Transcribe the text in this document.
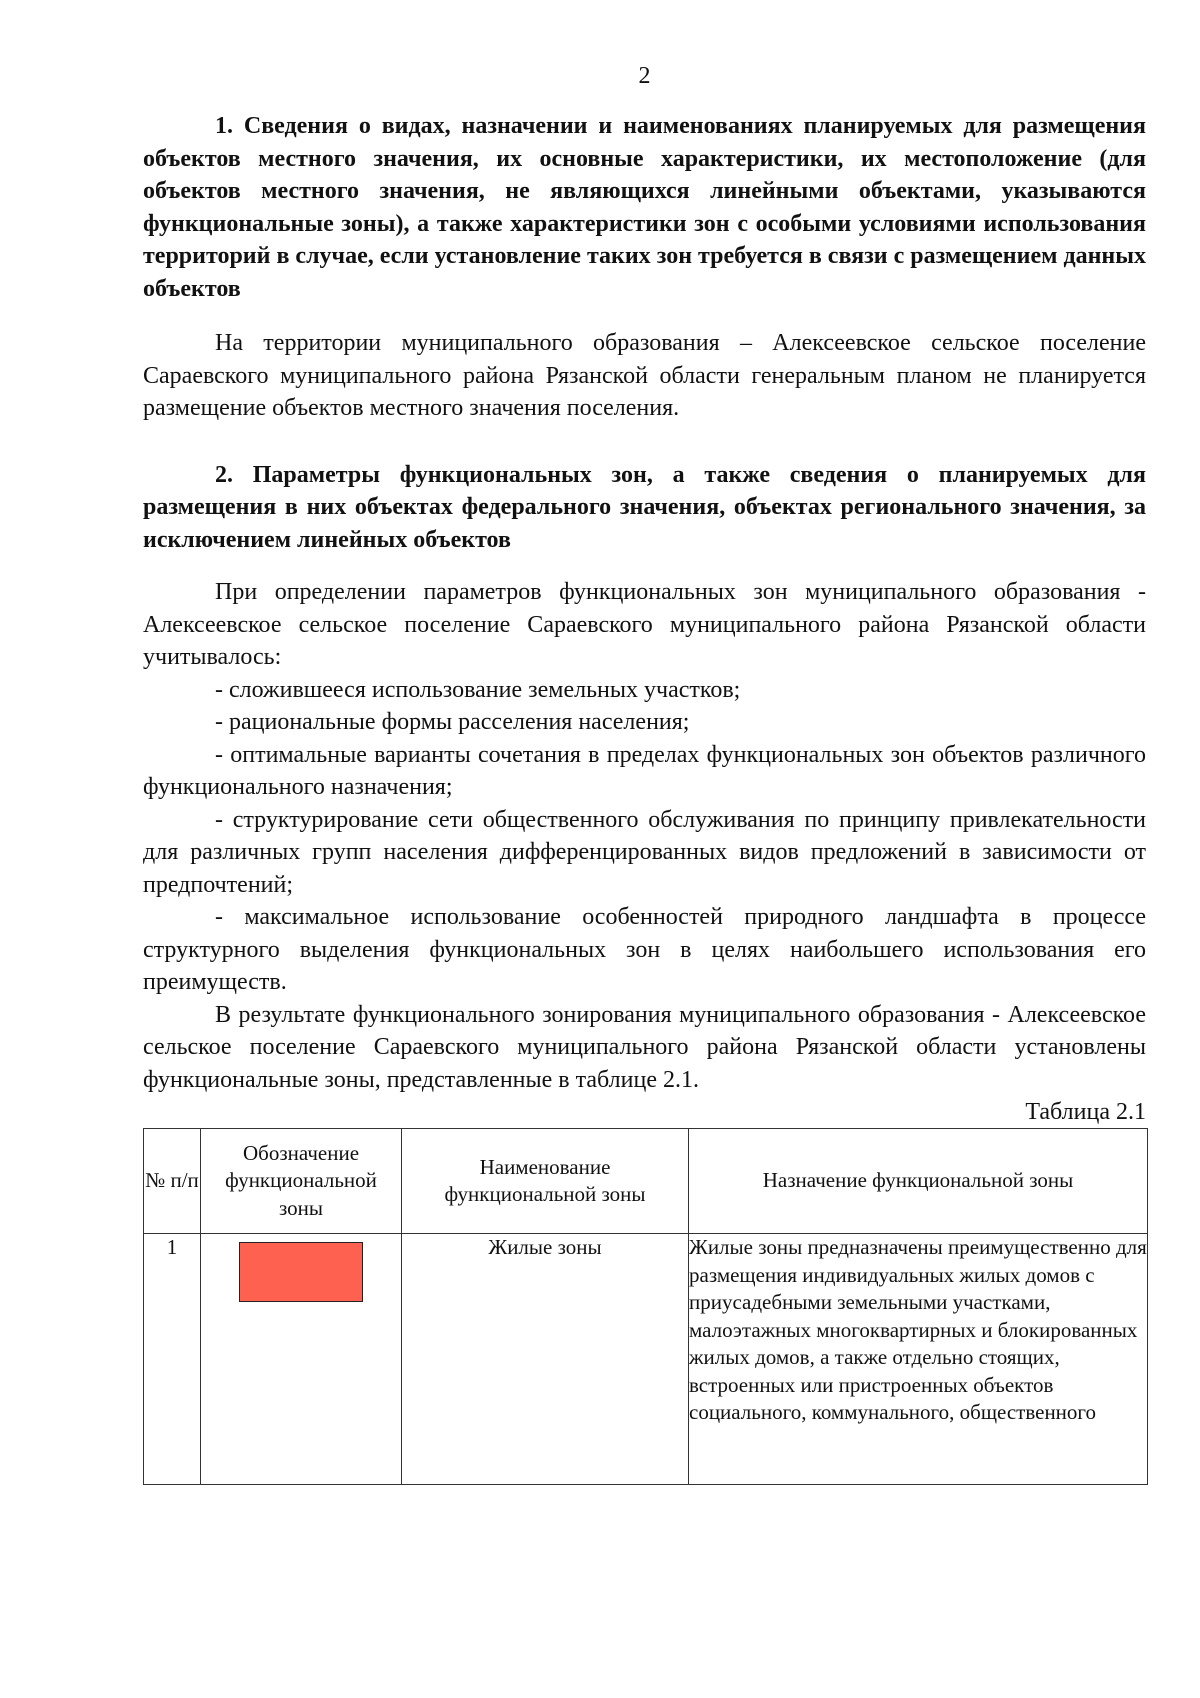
2

1. Сведения о видах, назначении и наименованиях планируемых для размещения объектов местного значения, их основные характеристики, их местоположение (для объектов местного значения, не являющихся линейными объектами, указываются функциональные зоны), а также характеристики зон с особыми условиями использования территорий в случае, если установление таких зон требуется в связи с размещением данных объектов

На территории муниципального образования – Алексеевское сельское поселение Сараевского муниципального района Рязанской области генеральным планом не планируется размещение объектов местного значения поселения.

2. Параметры функциональных зон, а также сведения о планируемых для размещения в них объектах федерального значения, объектах регионального значения, за исключением линейных объектов

При определении параметров функциональных зон муниципального образования - Алексеевское сельское поселение Сараевского муниципального района Рязанской области учитывалось:

- сложившееся использование земельных участков;

- рациональные формы расселения населения;

- оптимальные варианты сочетания в пределах функциональных зон объектов различного функционального назначения;

- структурирование сети общественного обслуживания по принципу привлекательности для различных групп населения дифференцированных видов предложений в зависимости от предпочтений;

- максимальное использование особенностей природного ландшафта в процессе структурного выделения функциональных зон в целях наибольшего использования его преимуществ.

В результате функционального зонирования муниципального образования - Алексеевское сельское поселение Сараевского муниципального района Рязанской области установлены функциональные зоны, представленные в таблице 2.1.

Таблица 2.1

№ п/п	Обозначение функциональной зоны	Наименование функциональной зоны	Назначение функциональной зоны
1		Жилые зоны	Жилые зоны предназначены преимущественно для размещения индивидуальных жилых домов с приусадебными земельными участками, малоэтажных многоквартирных и блокированных жилых домов, а также отдельно стоящих, встроенных или пристроенных объектов социального, коммунального, общественного
